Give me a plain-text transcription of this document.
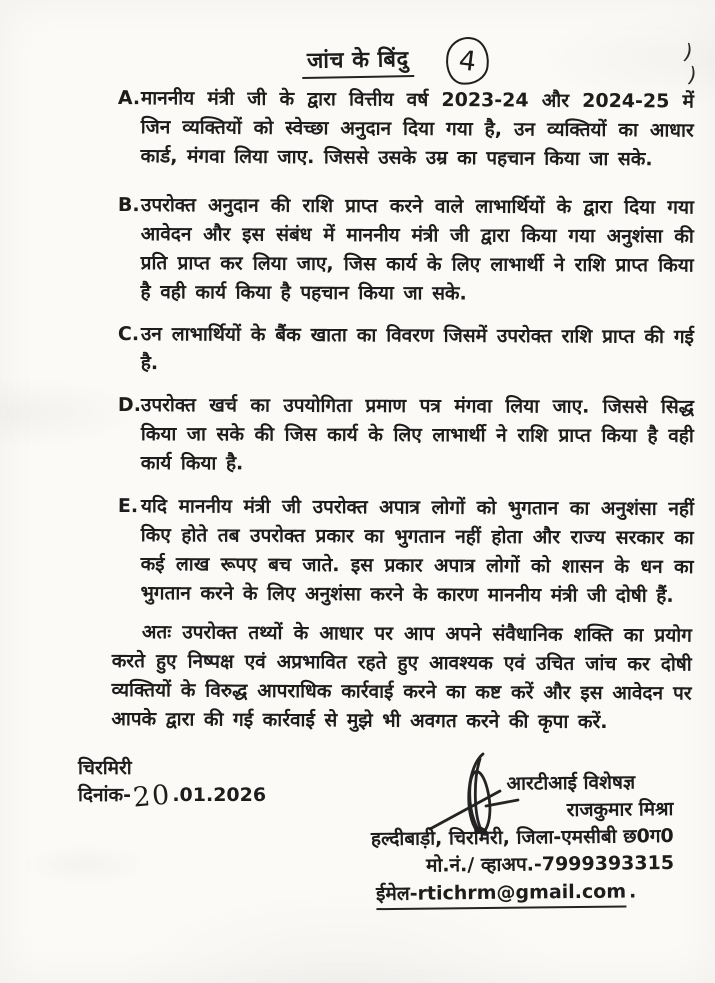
जांच के बिंदु	4	)
)
A. माननीय मंत्री जी के द्वारा वित्तीय वर्ष 2023-24 और 2024-25 में जिन व्यक्तियों को स्वेच्छा अनुदान दिया गया है, उन व्यक्तियों का आधार कार्ड, मंगवा लिया जाए. जिससे उसके उम्र का पहचान किया जा सके.
B. उपरोक्त अनुदान की राशि प्राप्त करने वाले लाभार्थियों के द्वारा दिया गया आवेदन और इस संबंध में माननीय मंत्री जी द्वारा किया गया अनुशंसा की प्रति प्राप्त कर लिया जाए, जिस कार्य के लिए लाभार्थी ने राशि प्राप्त किया है वही कार्य किया है पहचान किया जा सके.
C. उन लाभार्थियों के बैंक खाता का विवरण जिसमें उपरोक्त राशि प्राप्त की गई है.
D. उपरोक्त खर्च का उपयोगिता प्रमाण पत्र मंगवा लिया जाए. जिससे सिद्ध किया जा सके की जिस कार्य के लिए लाभार्थी ने राशि प्राप्त किया है वही कार्य किया है.
E. यदि माननीय मंत्री जी उपरोक्त अपात्र लोगों को भुगतान का अनुशंसा नहीं किए होते तब उपरोक्त प्रकार का भुगतान नहीं होता और राज्य सरकार का कई लाख रूपए बच जाते. इस प्रकार अपात्र लोगों को शासन के धन का भुगतान करने के लिए अनुशंसा करने के कारण माननीय मंत्री जी दोषी हैं.

अतः उपरोक्त तथ्यों के आधार पर आप अपने संवैधानिक शक्ति का प्रयोग करते हुए निष्पक्ष एवं अप्रभावित रहते हुए आवश्यक एवं उचित जांच कर दोषी व्यक्तियों के विरुद्ध आपराधिक कार्रवाई करने का कष्ट करें और इस आवेदन पर आपके द्वारा की गई कार्रवाई से मुझे भी अवगत करने की कृपा करें.

चिरमिरी
दिनांक-20.01.2026
आरटीआई विशेषज्ञ
राजकुमार मिश्रा
हल्दीबाड़ी, चिरमिरी, जिला-एमसीबी छ0ग0
मो.नं./ व्हाअप.-7999393315
ईमेल-rtichrm@gmail.com .
